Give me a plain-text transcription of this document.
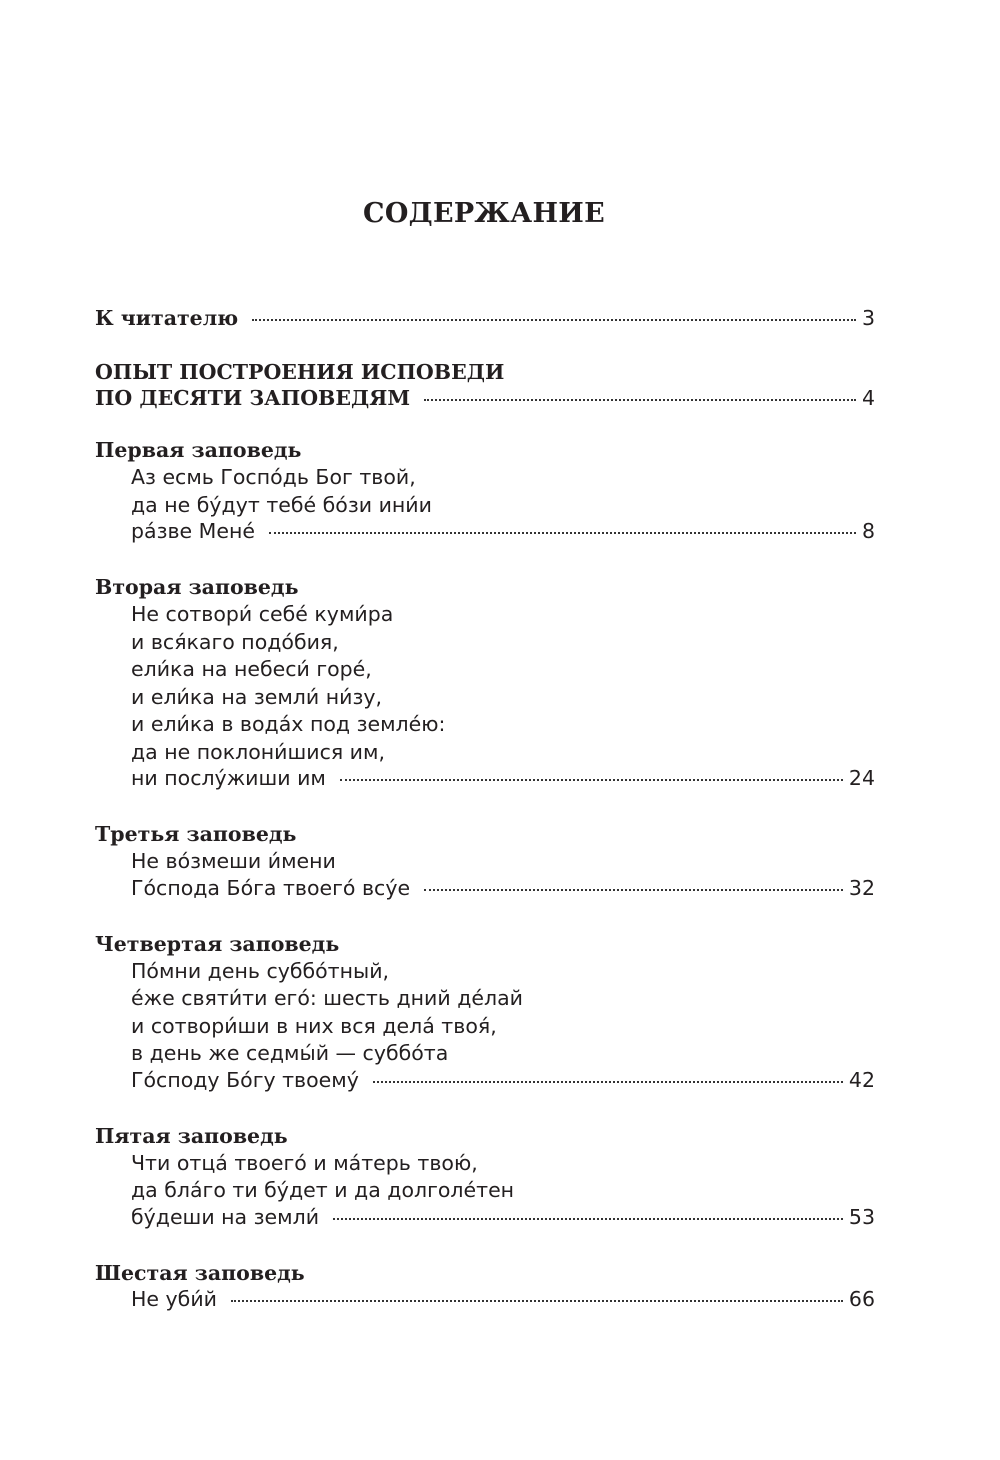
СОДЕРЖАНИЕ
К читателю	3
ОПЫТ ПОСТРОЕНИЯ ИСПОВЕДИ
ПО ДЕСЯТИ ЗАПОВЕДЯМ	4
Первая заповедь
Аз есмь Госпо́дь Бог твой,
да не бу́дут тебе́ бо́зи ини́и
ра́зве Мене́	8
Вторая заповедь
Не сотвори́ себе́ куми́ра
и вся́каго подо́бия,
ели́ка на небеси́ горе́,
и ели́ка на земли́ ни́зу,
и ели́ка в вода́х под земле́ю:
да не поклони́шися им,
ни послу́жиши им	24
Третья заповедь
Не во́змеши и́мени
Го́спода Бо́га твоего́ всу́е	32
Четвертая заповедь
По́мни день суббо́тный,
е́же святи́ти его́: шесть дний де́лай
и сотвори́ши в них вся дела́ твоя́,
в день же седмы́й — суббо́та
Го́споду Бо́гу твоему́	42
Пятая заповедь
Чти отца́ твоего́ и ма́терь твою́,
да бла́го ти бу́дет и да долголе́тен
бу́деши на земли́	53
Шестая заповедь
Не уби́й	66
